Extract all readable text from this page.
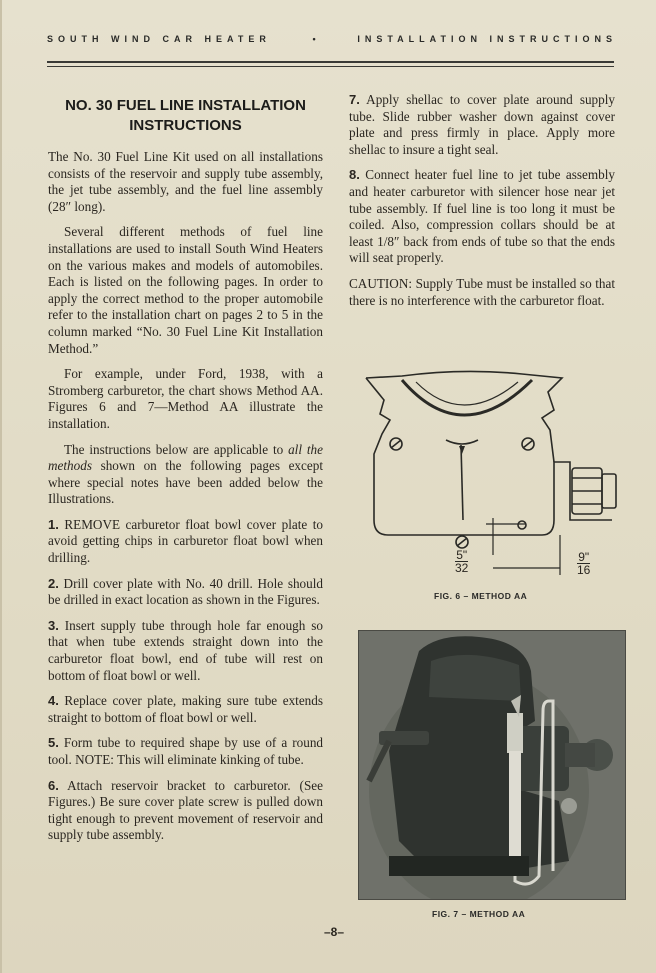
SOUTH WIND CAR HEATER	•	INSTALLATION INSTRUCTIONS
NO. 30 FUEL LINE INSTALLATION
INSTRUCTIONS

The No. 30 Fuel Line Kit used on all installations consists of the reservoir and supply tube assembly, the jet tube assembly, and the fuel line assembly (28″ long).

Several different methods of fuel line installations are used to install South Wind Heaters on the various makes and models of automobiles. Each is listed on the following pages. In order to apply the correct method to the proper automobile refer to the installation chart on pages 2 to 5 in the column marked “No. 30 Fuel Line Kit Installation Method.”

For example, under Ford, 1938, with a Stromberg carburetor, the chart shows Method AA. Figures 6 and 7—Method AA illustrate the installation.

The instructions below are applicable to all the methods shown on the following pages except where special notes have been added below the Illustrations.

1. REMOVE carburetor float bowl cover plate to avoid getting chips in carburetor float bowl when drilling.

2. Drill cover plate with No. 40 drill. Hole should be drilled in exact location as shown in the Figures.

3. Insert supply tube through hole far enough so that when tube extends straight down into the carburetor float bowl, end of tube will rest on bottom of float bowl or well.

4. Replace cover plate, making sure tube extends straight to bottom of float bowl or well.

5. Form tube to required shape by use of a round tool. NOTE: This will eliminate kinking of tube.

6. Attach reservoir bracket to carburetor. (See Figures.) Be sure cover plate screw is pulled down tight enough to prevent movement of reservoir and supply tube assembly.

7. Apply shellac to cover plate around supply tube. Slide rubber washer down against cover plate and press firmly in place. Apply more shellac to insure a tight seal.

8. Connect heater fuel line to jet tube assembly and heater carburetor with silencer hose near jet tube assembly. If fuel line is too long it must be coiled. Also, compression collars should be at least 1/8″ back from ends of tube so that the ends will seat properly.

CAUTION: Supply Tube must be installed so that there is no interference with the carburetor float.

$\frac{5"}{32}$	$\frac{9"}{16}$
FIG. 6 – METHOD AA
FIG. 7 – METHOD AA
–8–
